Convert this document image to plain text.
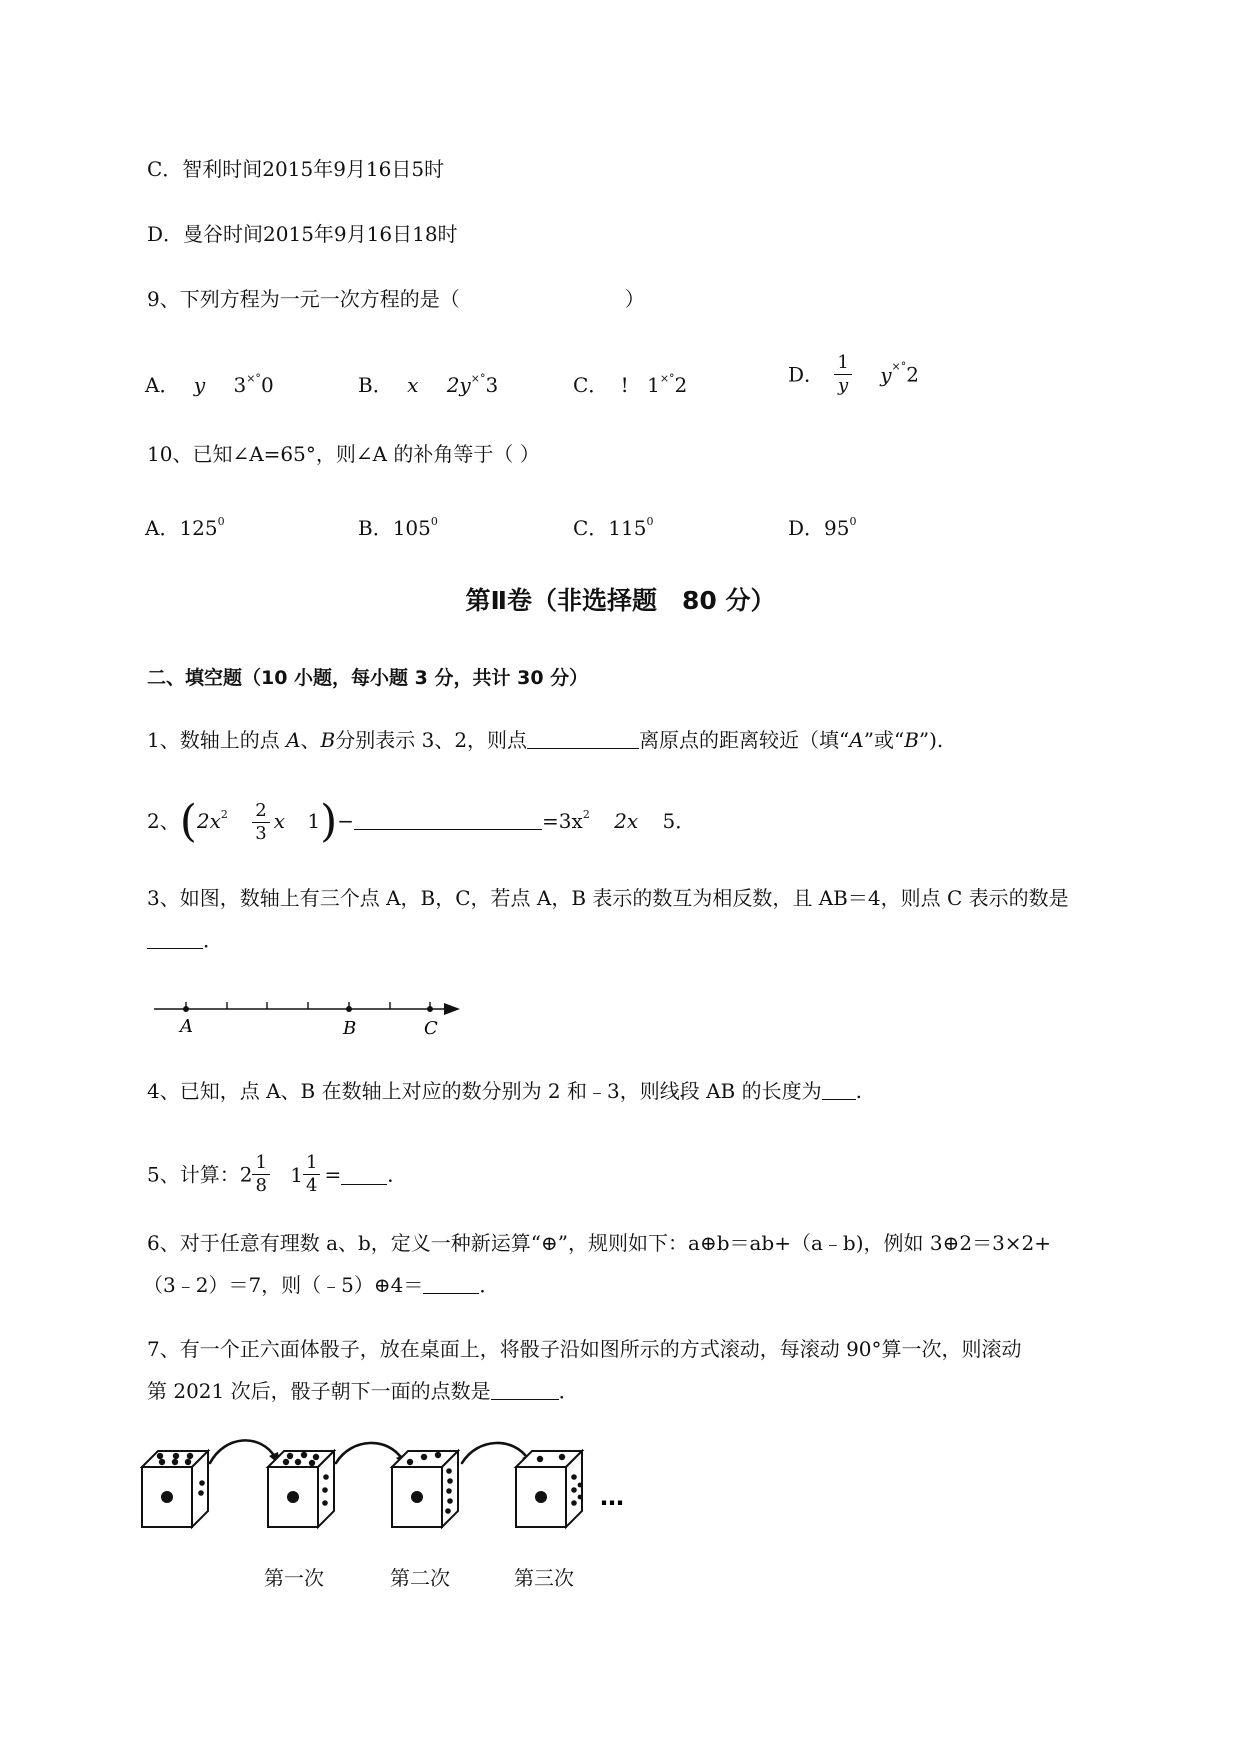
C．智利时间2015年9月16日5时
D．曼谷时间2015年9月16日18时
9、下列方程为一元一次方程的是（	）
A． y 3×°0	B． x 2y×°3	C． ! 1×°2	D． $\frac{1}{y} y^{\times^\circ}2$
10、已知∠A=65°，则∠A 的补角等于（ ）
A．$125^0$	B．$105^0$	C．$115^0$	D．$95^0$
第Ⅱ卷（非选择题　80 分）
二、填空题（10 小题，每小题 3 分，共计 30 分）
1、数轴上的点 A、B分别表示 3、2，则点	离原点的距离较近（填“A”或“B”).
2、($2x^2 \frac{2}{3}$ x 1)−	$=3x^2$ 2x 5．
3、如图，数轴上有三个点 A，B，C，若点 A，B 表示的数互为相反数，且 AB＝4，则点 C 表示的数是
．
A	B	C
4、已知，点 A、B 在数轴上对应的数分别为 2 和﹣3，则线段 AB 的长度为 .
5、计算：$2 \frac{1}{8} 1 \frac{1}{4}$ = ．
6、对于任意有理数 a、b，定义一种新运算“⊕”，规则如下：a⊕b＝ab+（a﹣b)，例如 3⊕2＝3×2+
（3﹣2）＝7，则（﹣5）⊕4＝	．
7、有一个正六面体骰子，放在桌面上，将骰子沿如图所示的方式滚动，每滚动 90°算一次，则滚动
第 2021 次后，骰子朝下一面的点数是	．
…
第一次	第二次	第三次
